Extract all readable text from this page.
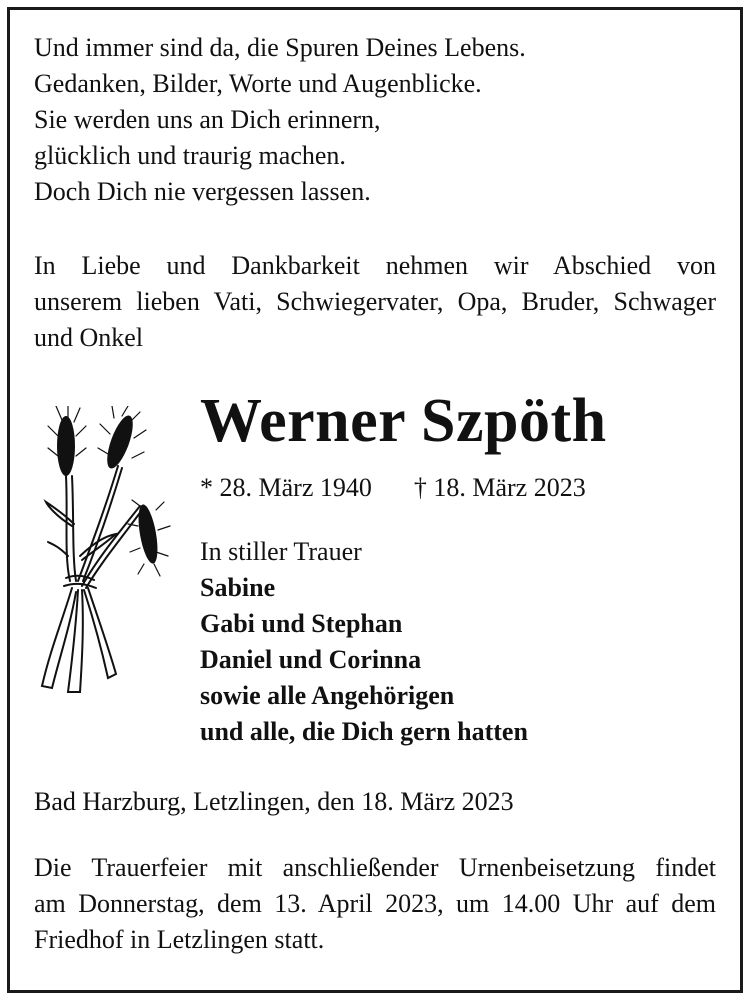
Und immer sind da, die Spuren Deines Lebens.
Gedanken, Bilder, Worte und Augenblicke.
Sie werden uns an Dich erinnern,
glücklich und traurig machen.
Doch Dich nie vergessen lassen.
In Liebe und Dankbarkeit nehmen wir Abschied von
unserem lieben Vati, Schwiegervater, Opa, Bruder, Schwager
und Onkel
Werner Szpöth
* 28. März 1940 † 18. März 2023
In stiller Trauer
Sabine
Gabi und Stephan
Daniel und Corinna
sowie alle Angehörigen
und alle, die Dich gern hatten
Bad Harzburg, Letzlingen, den 18. März 2023
Die Trauerfeier mit anschließender Urnenbeisetzung findet
am Donnerstag, dem 13. April 2023, um 14.00 Uhr auf dem
Friedhof in Letzlingen statt.
